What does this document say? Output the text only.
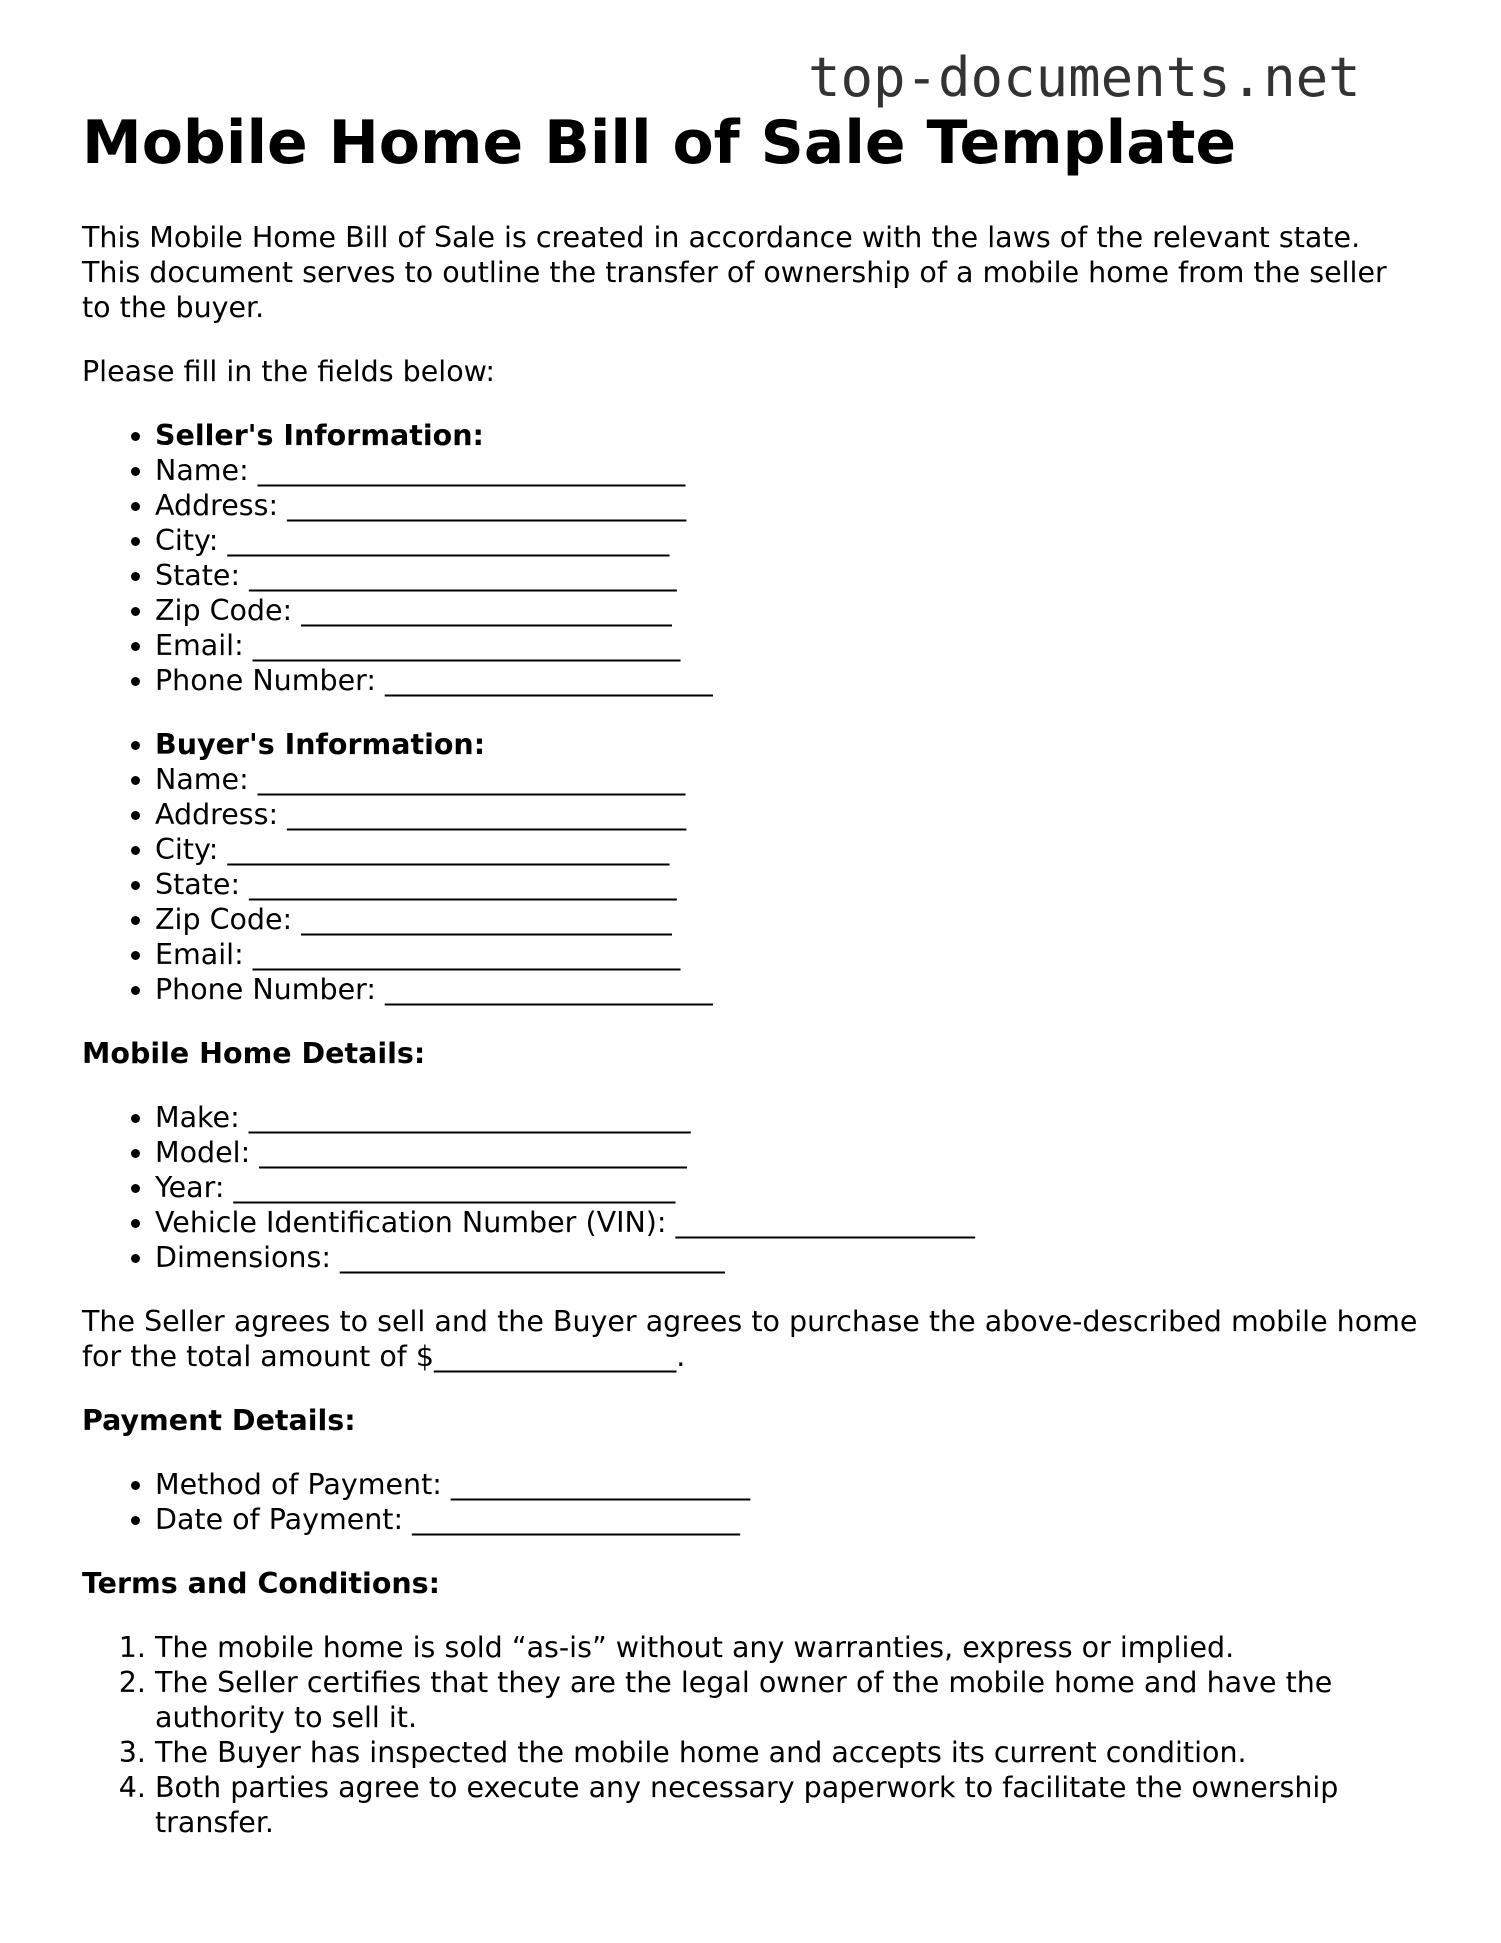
top-documents.net
Mobile Home Bill of Sale Template

This Mobile Home Bill of Sale is created in accordance with the laws of the relevant state. This document serves to outline the transfer of ownership of a mobile home from the seller to the buyer.

Please fill in the fields below:

• Seller's Information:
• Name: ______________________________
• Address: ____________________________
• City: _______________________________
• State: ______________________________
• Zip Code: __________________________
• Email: ______________________________
• Phone Number: _______________________
• Buyer's Information:
• Name: ______________________________
• Address: ____________________________
• City: _______________________________
• State: ______________________________
• Zip Code: __________________________
• Email: ______________________________
• Phone Number: _______________________

Mobile Home Details:

• Make: _______________________________
• Model: ______________________________
• Year: _______________________________
• Vehicle Identification Number (VIN): _____________________
• Dimensions: ___________________________

The Seller agrees to sell and the Buyer agrees to purchase the above-described mobile home for the total amount of $_________________.

Payment Details:

• Method of Payment: _____________________
• Date of Payment: _______________________

Terms and Conditions:

1. The mobile home is sold “as-is” without any warranties, express or implied.
2. The Seller certifies that they are the legal owner of the mobile home and have the authority to sell it.
3. The Buyer has inspected the mobile home and accepts its current condition.
4. Both parties agree to execute any necessary paperwork to facilitate the ownership transfer.
